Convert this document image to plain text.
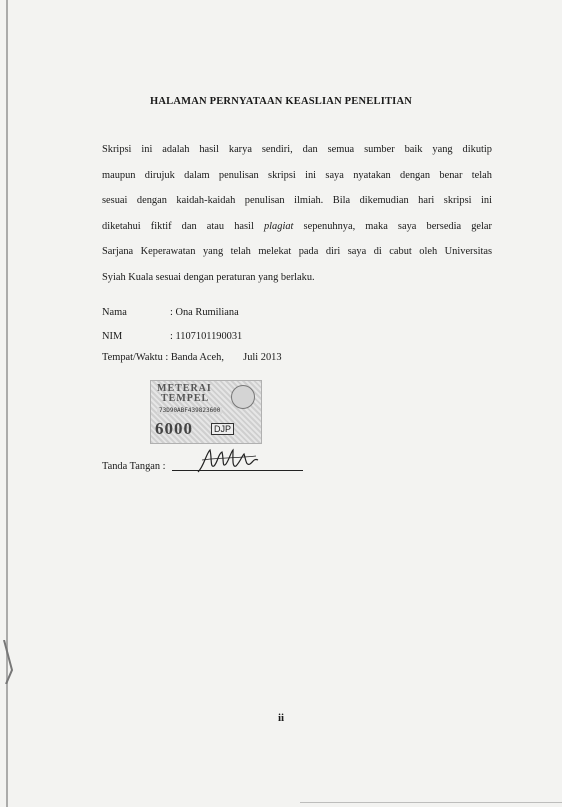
HALAMAN PERNYATAAN KEASLIAN PENELITIAN
Skripsi ini adalah hasil karya sendiri, dan semua sumber baik yang dikutip
maupun dirujuk dalam penulisan skripsi ini saya nyatakan dengan benar telah
sesuai dengan kaidah-kaidah penulisan ilmiah. Bila dikemudian hari skripsi ini
diketahui fiktif dan atau hasil plagiat sepenuhnya, maka saya bersedia gelar
Sarjana Keperawatan yang telah melekat pada diri saya di cabut oleh Universitas
Syiah Kuala sesuai dengan peraturan yang berlaku.
Nama	: Ona Rumiliana
NIM	: 1107101190031
Tempat/Waktu : Banda Aceh, Juli 2013
METERAI
TEMPEL
73D90ABF439823600
6000	DJP
Tanda Tangan :
ii
